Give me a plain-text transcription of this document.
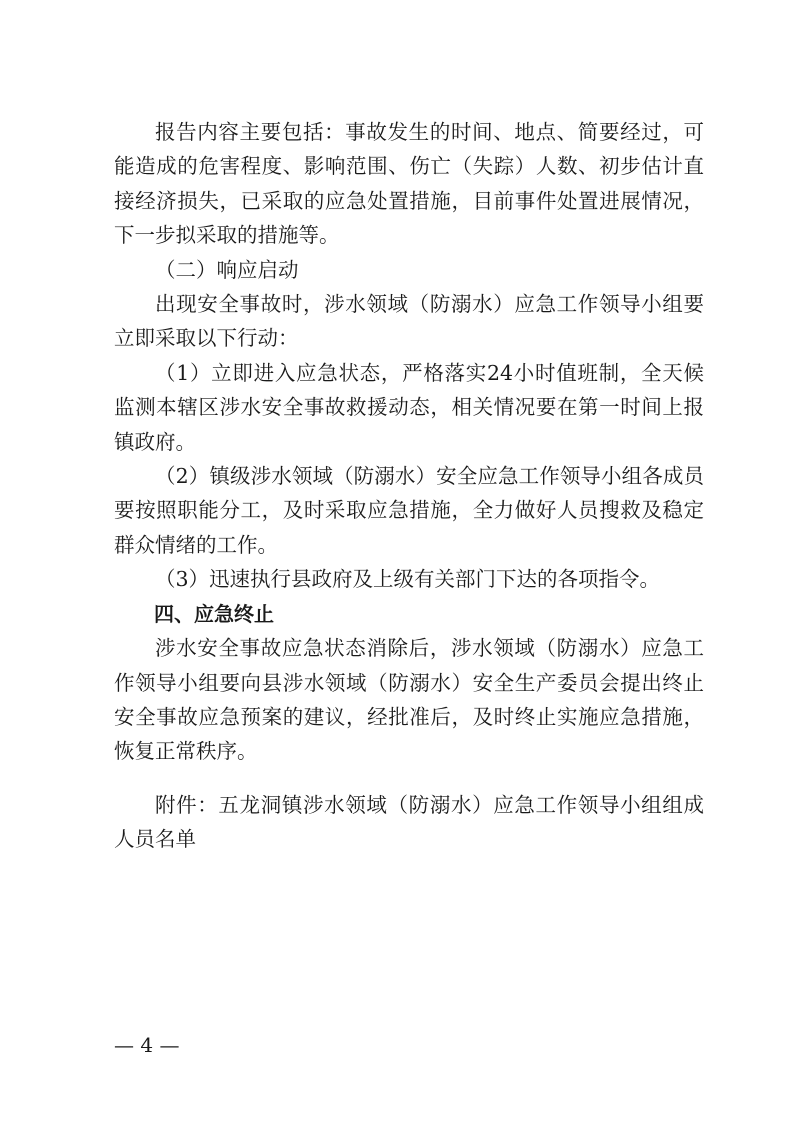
报告内容主要包括：事故发生的时间、地点、简要经过，可能造成的危害程度、影响范围、伤亡（失踪）人数、初步估计直接经济损失，已采取的应急处置措施，目前事件处置进展情况，下一步拟采取的措施等。

（二）响应启动

出现安全事故时，涉水领域（防溺水）应急工作领导小组要立即采取以下行动：

（1）立即进入应急状态，严格落实24小时值班制，全天候监测本辖区涉水安全事故救援动态，相关情况要在第一时间上报镇政府。

（2）镇级涉水领域（防溺水）安全应急工作领导小组各成员要按照职能分工，及时采取应急措施，全力做好人员搜救及稳定群众情绪的工作。

（3）迅速执行县政府及上级有关部门下达的各项指令。

四、应急终止

涉水安全事故应急状态消除后，涉水领域（防溺水）应急工作领导小组要向县涉水领域（防溺水）安全生产委员会提出终止安全事故应急预案的建议，经批准后，及时终止实施应急措施，恢复正常秩序。

附件：五龙洞镇涉水领域（防溺水）应急工作领导小组组成人员名单

— 4 —
